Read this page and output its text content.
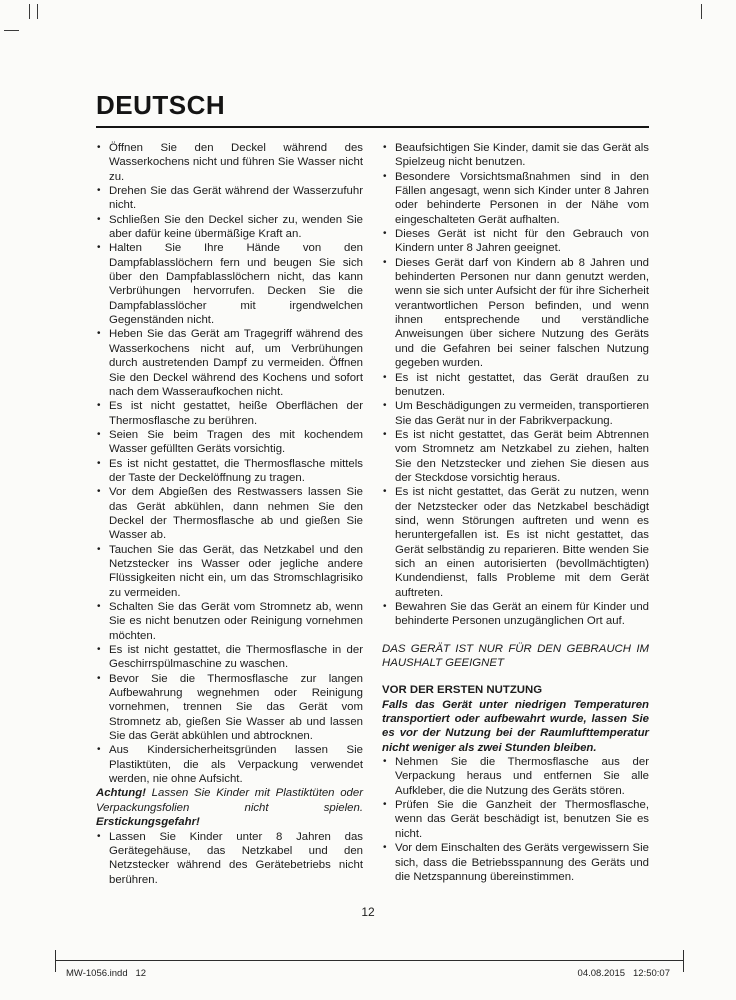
DEUTSCH
• Öffnen Sie den Deckel während des Wasserkochens nicht und führen Sie Wasser nicht zu.
• Drehen Sie das Gerät während der Wasserzufuhr nicht.
• Schließen Sie den Deckel sicher zu, wenden Sie aber dafür keine übermäßige Kraft an.
• Halten Sie Ihre Hände von den Dampfablasslöchern fern und beugen Sie sich über den Dampfablasslöchern nicht, das kann Verbrühungen hervorrufen. Decken Sie die Dampfablasslöcher mit irgendwelchen Gegenständen nicht.
• Heben Sie das Gerät am Tragegriff während des Wasserkochens nicht auf, um Verbrühungen durch austretenden Dampf zu vermeiden. Öffnen Sie den Deckel während des Kochens und sofort nach dem Wasseraufkochen nicht.
• Es ist nicht gestattet, heiße Oberflächen der Thermosflasche zu berühren.
• Seien Sie beim Tragen des mit kochendem Wasser gefüllten Geräts vorsichtig.
• Es ist nicht gestattet, die Thermosflasche mittels der Taste der Deckelöffnung zu tragen.
• Vor dem Abgießen des Restwassers lassen Sie das Gerät abkühlen, dann nehmen Sie den Deckel der Thermosflasche ab und gießen Sie Wasser ab.
• Tauchen Sie das Gerät, das Netzkabel und den Netzstecker ins Wasser oder jegliche andere Flüssigkeiten nicht ein, um das Stromschlagrisiko zu vermeiden.
• Schalten Sie das Gerät vom Stromnetz ab, wenn Sie es nicht benutzen oder Reinigung vornehmen möchten.
• Es ist nicht gestattet, die Thermosflasche in der Geschirrspülmaschine zu waschen.
• Bevor Sie die Thermosflasche zur langen Aufbewahrung wegnehmen oder Reinigung vornehmen, trennen Sie das Gerät vom Stromnetz ab, gießen Sie Wasser ab und lassen Sie das Gerät abkühlen und abtrocknen.
• Aus Kindersicherheitsgründen lassen Sie Plastiktüten, die als Verpackung verwendet werden, nie ohne Aufsicht.

Achtung! Lassen Sie Kinder mit Plastiktüten oder Verpackungsfolien nicht spielen. Erstickungsgefahr!

• Lassen Sie Kinder unter 8 Jahren das Gerätegehäuse, das Netzkabel und den Netzstecker während des Gerätebetriebs nicht berühren.
• Beaufsichtigen Sie Kinder, damit sie das Gerät als Spielzeug nicht benutzen.
• Besondere Vorsichtsmaßnahmen sind in den Fällen angesagt, wenn sich Kinder unter 8 Jahren oder behinderte Personen in der Nähe vom eingeschalteten Gerät aufhalten.
• Dieses Gerät ist nicht für den Gebrauch von Kindern unter 8 Jahren geeignet.
• Dieses Gerät darf von Kindern ab 8 Jahren und behinderten Personen nur dann genutzt werden, wenn sie sich unter Aufsicht der für ihre Sicherheit verantwortlichen Person befinden, und wenn ihnen entsprechende und verständliche Anweisungen über sichere Nutzung des Geräts und die Gefahren bei seiner falschen Nutzung gegeben wurden.
• Es ist nicht gestattet, das Gerät draußen zu benutzen.
• Um Beschädigungen zu vermeiden, transportieren Sie das Gerät nur in der Fabrikverpackung.
• Es ist nicht gestattet, das Gerät beim Abtrennen vom Stromnetz am Netzkabel zu ziehen, halten Sie den Netzstecker und ziehen Sie diesen aus der Steckdose vorsichtig heraus.
• Es ist nicht gestattet, das Gerät zu nutzen, wenn der Netzstecker oder das Netzkabel beschädigt sind, wenn Störungen auftreten und wenn es heruntergefallen ist. Es ist nicht gestattet, das Gerät selbständig zu reparieren. Bitte wenden Sie sich an einen autorisierten (bevollmächtigten) Kundendienst, falls Probleme mit dem Gerät auftreten.
• Bewahren Sie das Gerät an einem für Kinder und behinderte Personen unzugänglichen Ort auf.

DAS GERÄT IST NUR FÜR DEN GEBRAUCH IM HAUSHALT GEEIGNET

VOR DER ERSTEN NUTZUNG

Falls das Gerät unter niedrigen Temperaturen transportiert oder aufbewahrt wurde, lassen Sie es vor der Nutzung bei der Raumlufttemperatur nicht weniger als zwei Stunden bleiben.

• Nehmen Sie die Thermosflasche aus der Verpackung heraus und entfernen Sie alle Aufkleber, die die Nutzung des Geräts stören.
• Prüfen Sie die Ganzheit der Thermosflasche, wenn das Gerät beschädigt ist, benutzen Sie es nicht.
• Vor dem Einschalten des Geräts vergewissern Sie sich, dass die Betriebsspannung des Geräts und die Netzspannung übereinstimmen.
12
MW-1056.indd   12	04.08.2015   12:50:07
